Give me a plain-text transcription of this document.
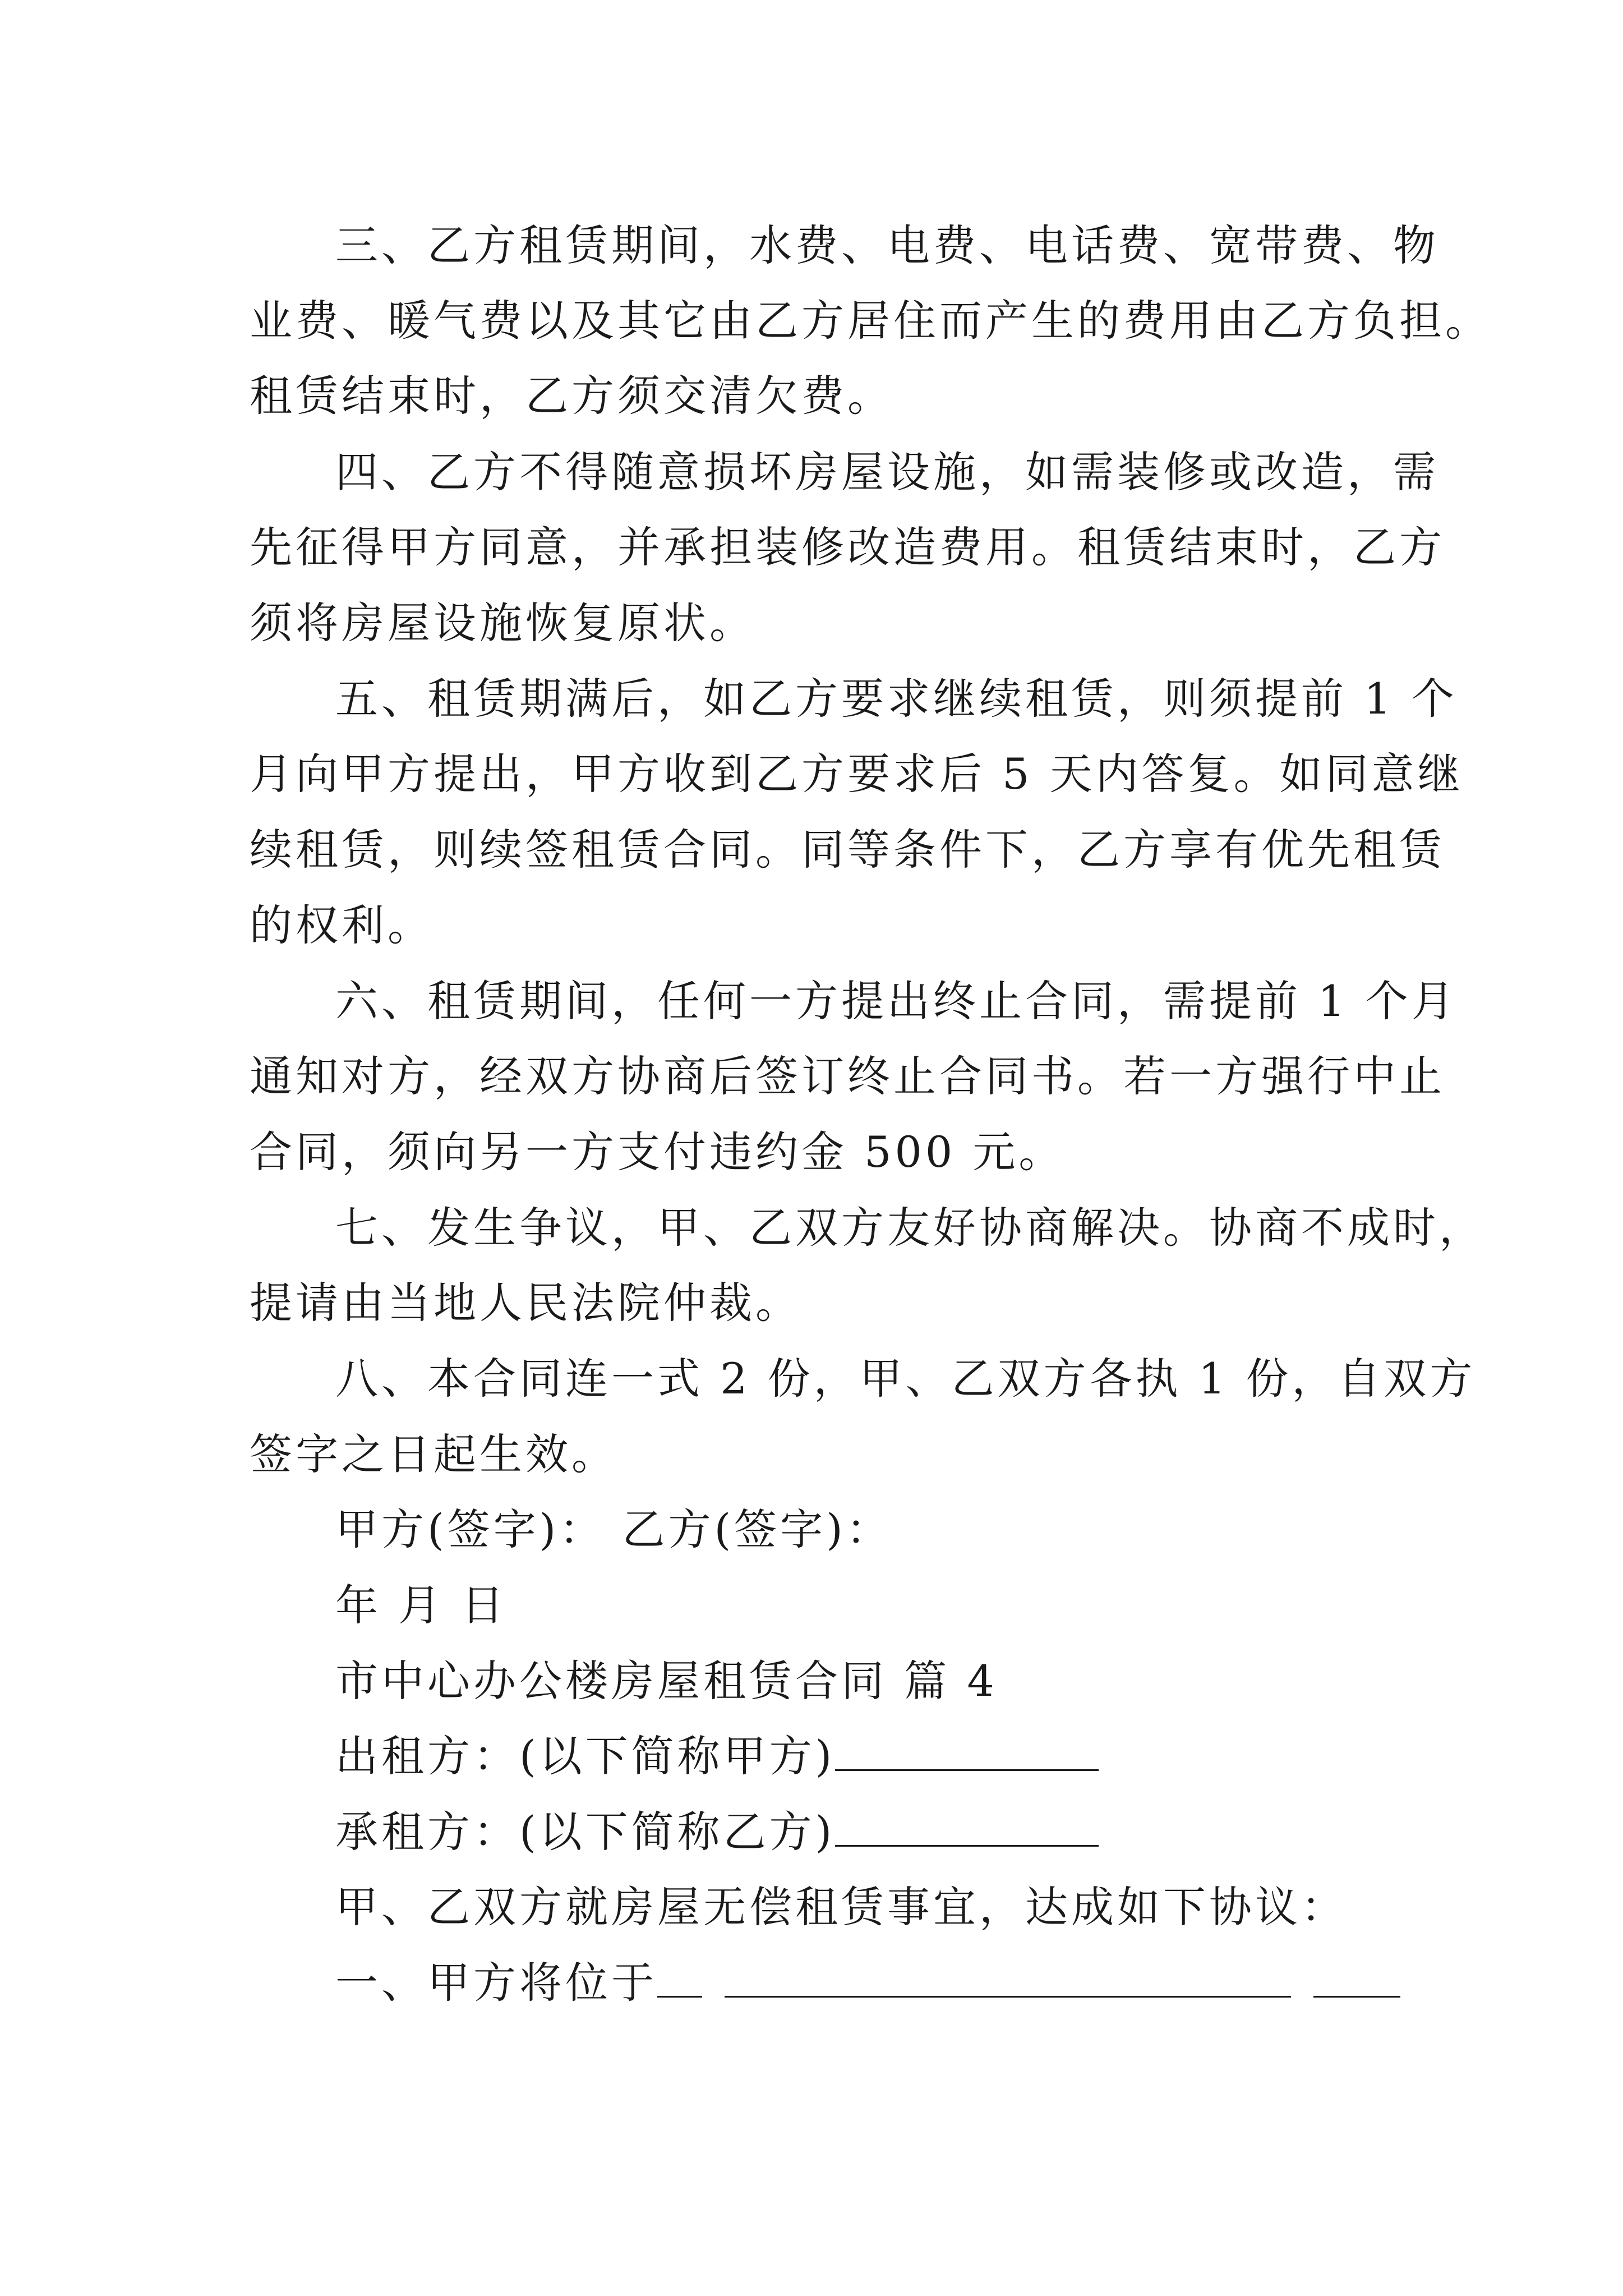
三、乙方租赁期间，水费、电费、电话费、宽带费、物
业费、暖气费以及其它由乙方居住而产生的费用由乙方负担。
租赁结束时，乙方须交清欠费。
四、乙方不得随意损坏房屋设施，如需装修或改造，需
先征得甲方同意，并承担装修改造费用。租赁结束时，乙方
须将房屋设施恢复原状。
五、租赁期满后，如乙方要求继续租赁，则须提前 1 个
月向甲方提出，甲方收到乙方要求后 5 天内答复。如同意继
续租赁，则续签租赁合同。同等条件下，乙方享有优先租赁
的权利。
六、租赁期间，任何一方提出终止合同，需提前 1 个月
通知对方，经双方协商后签订终止合同书。若一方强行中止
合同，须向另一方支付违约金 500 元。
七、发生争议，甲、乙双方友好协商解决。协商不成时，
提请由当地人民法院仲裁。
八、本合同连一式 2 份，甲、乙双方各执 1 份，自双方
签字之日起生效。
甲方(签字)： 乙方(签字)：
年 月 日
市中心办公楼房屋租赁合同 篇 4
出租方：(以下简称甲方)
承租方：(以下简称乙方)
甲、乙双方就房屋无偿租赁事宜，达成如下协议：
一、甲方将位于
